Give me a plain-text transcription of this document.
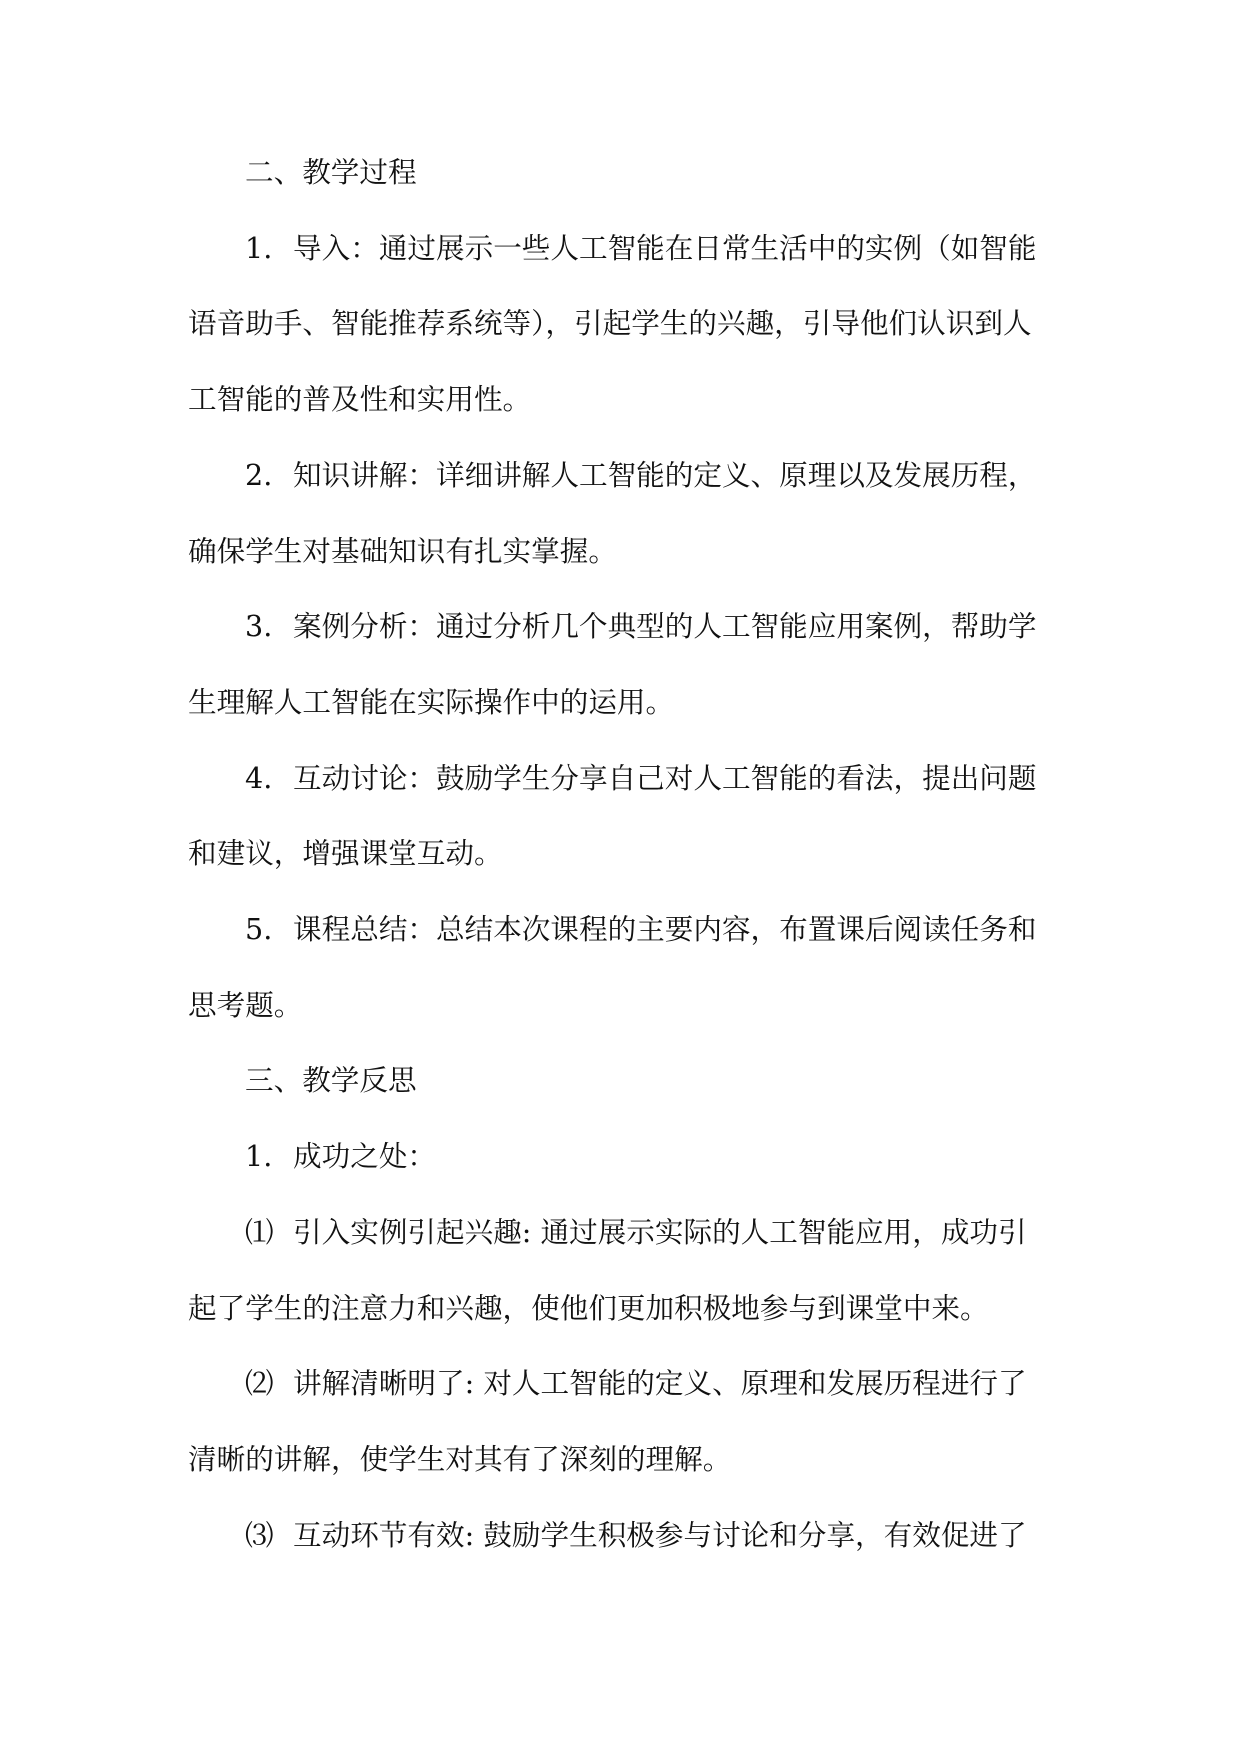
二、教学过程
1. 导入：通过展示一些人工智能在日常生活中的实例（如智能
语音助手、智能推荐系统等），引起学生的兴趣，引导他们认识到人
工智能的普及性和实用性。
2. 知识讲解：详细讲解人工智能的定义、原理以及发展历程，
确保学生对基础知识有扎实掌握。
3. 案例分析：通过分析几个典型的人工智能应用案例，帮助学
生理解人工智能在实际操作中的运用。
4. 互动讨论：鼓励学生分享自己对人工智能的看法，提出问题
和建议，增强课堂互动。
5. 课程总结：总结本次课程的主要内容，布置课后阅读任务和
思考题。
三、教学反思
1. 成功之处：
⑴ 引入实例引起兴趣: 通过展示实际的人工智能应用，成功引
起了学生的注意力和兴趣，使他们更加积极地参与到课堂中来。
⑵ 讲解清晰明了: 对人工智能的定义、原理和发展历程进行了
清晰的讲解，使学生对其有了深刻的理解。
⑶ 互动环节有效: 鼓励学生积极参与讨论和分享，有效促进了
